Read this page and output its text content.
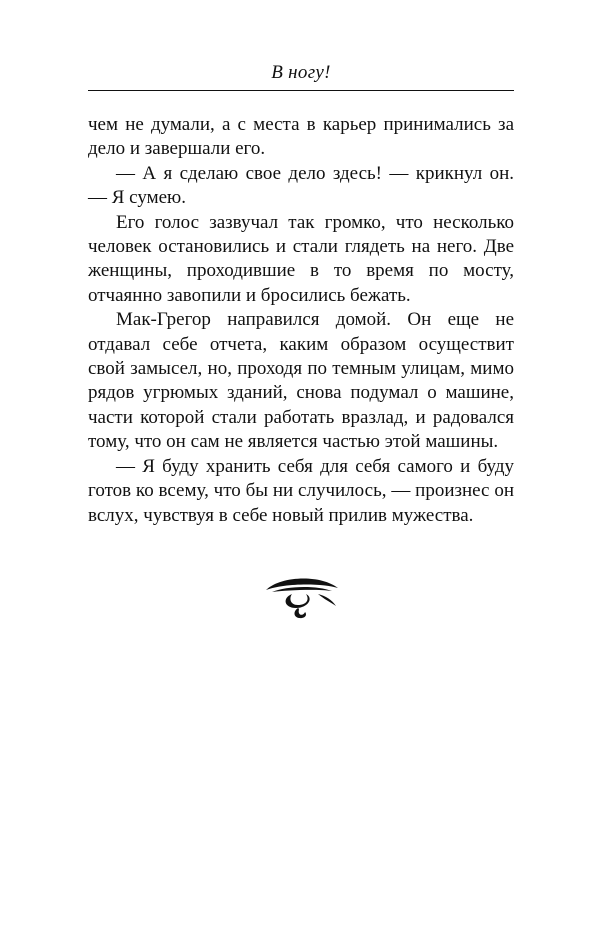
В ногу!

чем не думали, а с места в карьер принимались за дело и завершали его.

— А я сделаю свое дело здесь! — крикнул он. — Я сумею.

Его голос зазвучал так громко, что несколько человек остановились и стали глядеть на него. Две женщины, проходившие в то время по мосту, отчаянно завопили и бросились бежать.

Мак-Грегор направился домой. Он еще не отдавал себе отчета, каким образом осуществит свой замысел, но, проходя по темным улицам, мимо рядов угрюмых зданий, снова подумал о машине, части которой стали работать вразлад, и радовался тому, что он сам не является частью этой машины.

— Я буду хранить себя для себя самого и буду готов ко всему, что бы ни случилось, — произнес он вслух, чувствуя в себе новый прилив мужества.
